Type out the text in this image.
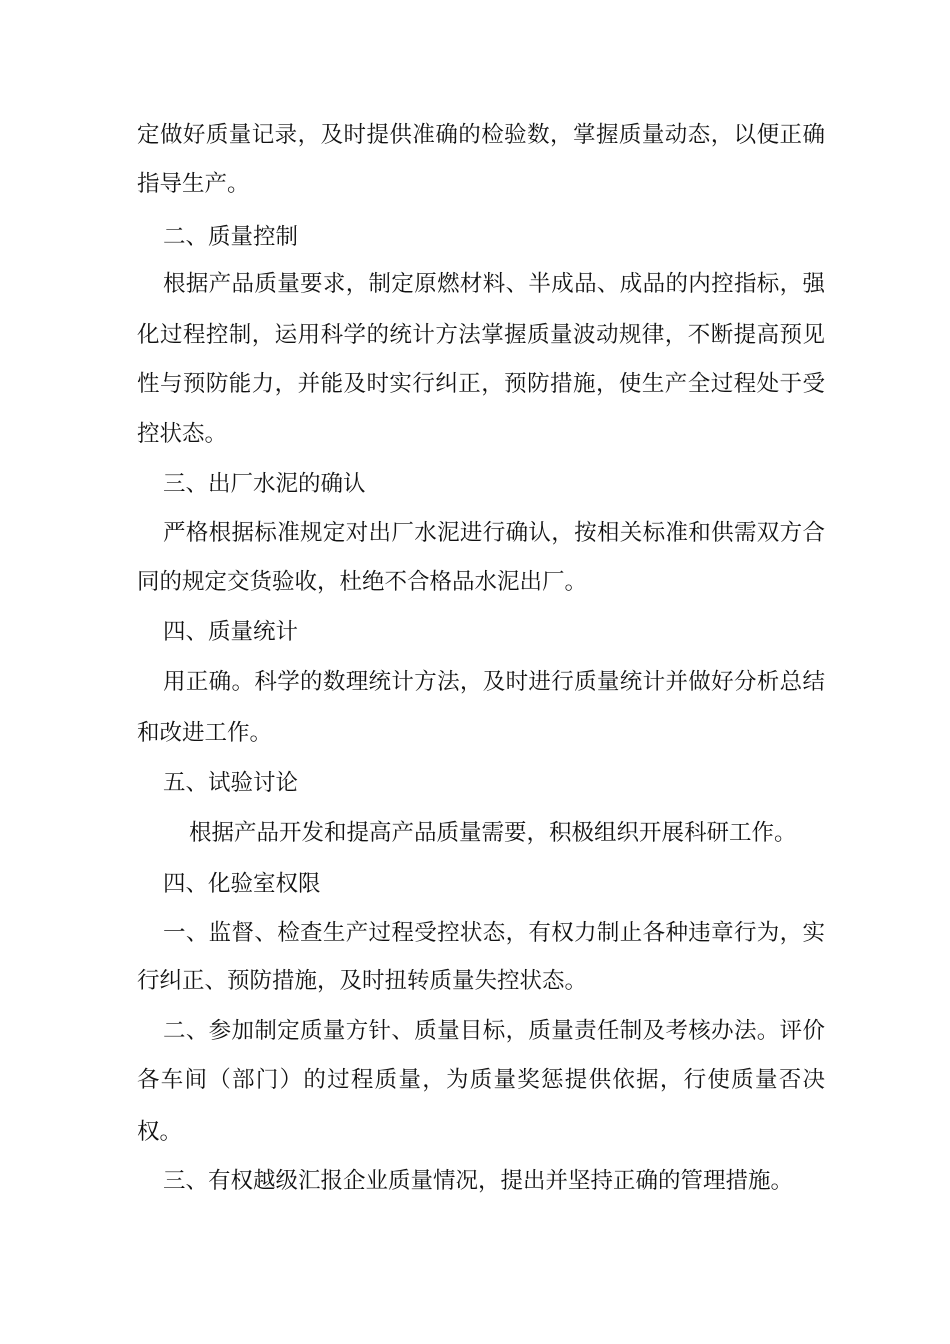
定做好质量记录，及时提供准确的检验数，掌握质量动态，以便正确

指导生产。

二、质量控制

根据产品质量要求，制定原燃材料、半成品、成品的内控指标，强

化过程控制，运用科学的统计方法掌握质量波动规律，不断提高预见

性与预防能力，并能及时实行纠正，预防措施，使生产全过程处于受

控状态。

三、出厂水泥的确认

严格根据标准规定对出厂水泥进行确认，按相关标准和供需双方合

同的规定交货验收，杜绝不合格品水泥出厂。

四、质量统计

用正确。科学的数理统计方法，及时进行质量统计并做好分析总结

和改进工作。

五、试验讨论

根据产品开发和提高产品质量需要，积极组织开展科研工作。

四、化验室权限

一、监督、检查生产过程受控状态，有权力制止各种违章行为，实

行纠正、预防措施，及时扭转质量失控状态。

二、参加制定质量方针、质量目标，质量责任制及考核办法。评价

各车间（部门）的过程质量，为质量奖惩提供依据，行使质量否决

权。

三、有权越级汇报企业质量情况，提出并坚持正确的管理措施。
